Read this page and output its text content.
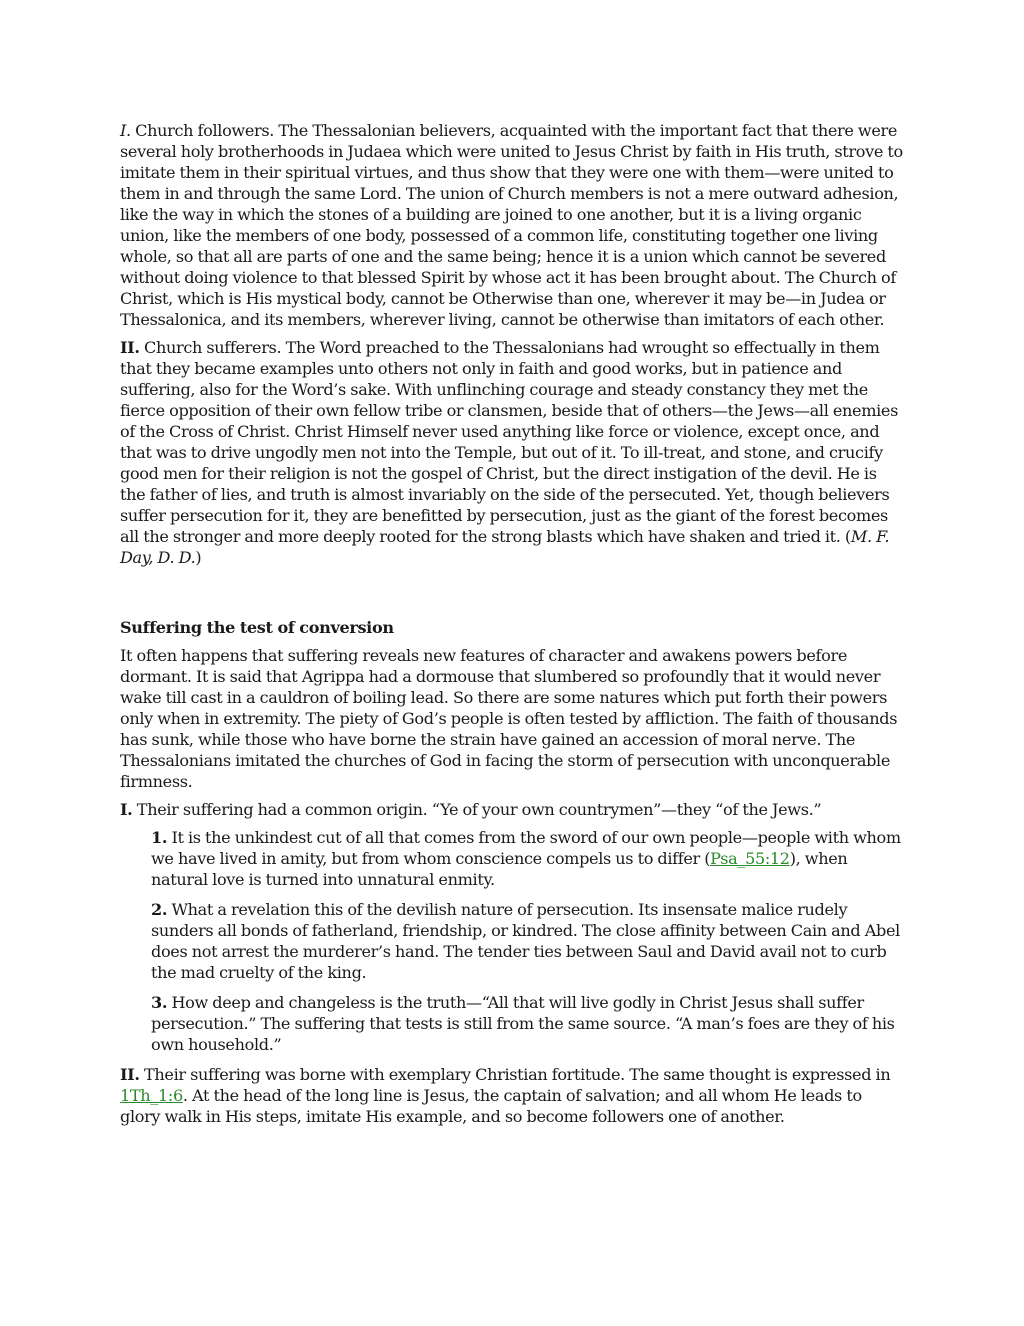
I. Church followers. The Thessalonian believers, acquainted with the important fact that there were several holy brotherhoods in Judaea which were united to Jesus Christ by faith in His truth, strove to imitate them in their spiritual virtues, and thus show that they were one with them—were united to them in and through the same Lord. The union of Church members is not a mere outward adhesion, like the way in which the stones of a building are joined to one another, but it is a living organic union, like the members of one body, possessed of a common life, constituting together one living whole, so that all are parts of one and the same being; hence it is a union which cannot be severed without doing violence to that blessed Spirit by whose act it has been brought about. The Church of Christ, which is His mystical body, cannot be Otherwise than one, wherever it may be—in Judea or Thessalonica, and its members, wherever living, cannot be otherwise than imitators of each other.

II. Church sufferers. The Word preached to the Thessalonians had wrought so effectually in them that they became examples unto others not only in faith and good works, but in patience and suffering, also for the Word’s sake. With unflinching courage and steady constancy they met the fierce opposition of their own fellow tribe or clansmen, beside that of others—the Jews—all enemies of the Cross of Christ. Christ Himself never used anything like force or violence, except once, and that was to drive ungodly men not into the Temple, but out of it. To ill-treat, and stone, and crucify good men for their religion is not the gospel of Christ, but the direct instigation of the devil. He is the father of lies, and truth is almost invariably on the side of the persecuted. Yet, though believers suffer persecution for it, they are benefitted by persecution, just as the giant of the forest becomes all the stronger and more deeply rooted for the strong blasts which have shaken and tried it. (M. F. Day, D. D.)

Suffering the test of conversion

It often happens that suffering reveals new features of character and awakens powers before dormant. It is said that Agrippa had a dormouse that slumbered so profoundly that it would never wake till cast in a cauldron of boiling lead. So there are some natures which put forth their powers only when in extremity. The piety of God’s people is often tested by affliction. The faith of thousands has sunk, while those who have borne the strain have gained an accession of moral nerve. The Thessalonians imitated the churches of God in facing the storm of persecution with unconquerable firmness.

I. Their suffering had a common origin. “Ye of your own countrymen”—they “of the Jews.”

1. It is the unkindest cut of all that comes from the sword of our own people—people with whom we have lived in amity, but from whom conscience compels us to differ (Psa_55:12), when natural love is turned into unnatural enmity.

2. What a revelation this of the devilish nature of persecution. Its insensate malice rudely sunders all bonds of fatherland, friendship, or kindred. The close affinity between Cain and Abel does not arrest the murderer’s hand. The tender ties between Saul and David avail not to curb the mad cruelty of the king.

3. How deep and changeless is the truth—“All that will live godly in Christ Jesus shall suffer persecution.” The suffering that tests is still from the same source. “A man’s foes are they of his own household.”

II. Their suffering was borne with exemplary Christian fortitude. The same thought is expressed in 1Th_1:6. At the head of the long line is Jesus, the captain of salvation; and all whom He leads to glory walk in His steps, imitate His example, and so become followers one of another.
